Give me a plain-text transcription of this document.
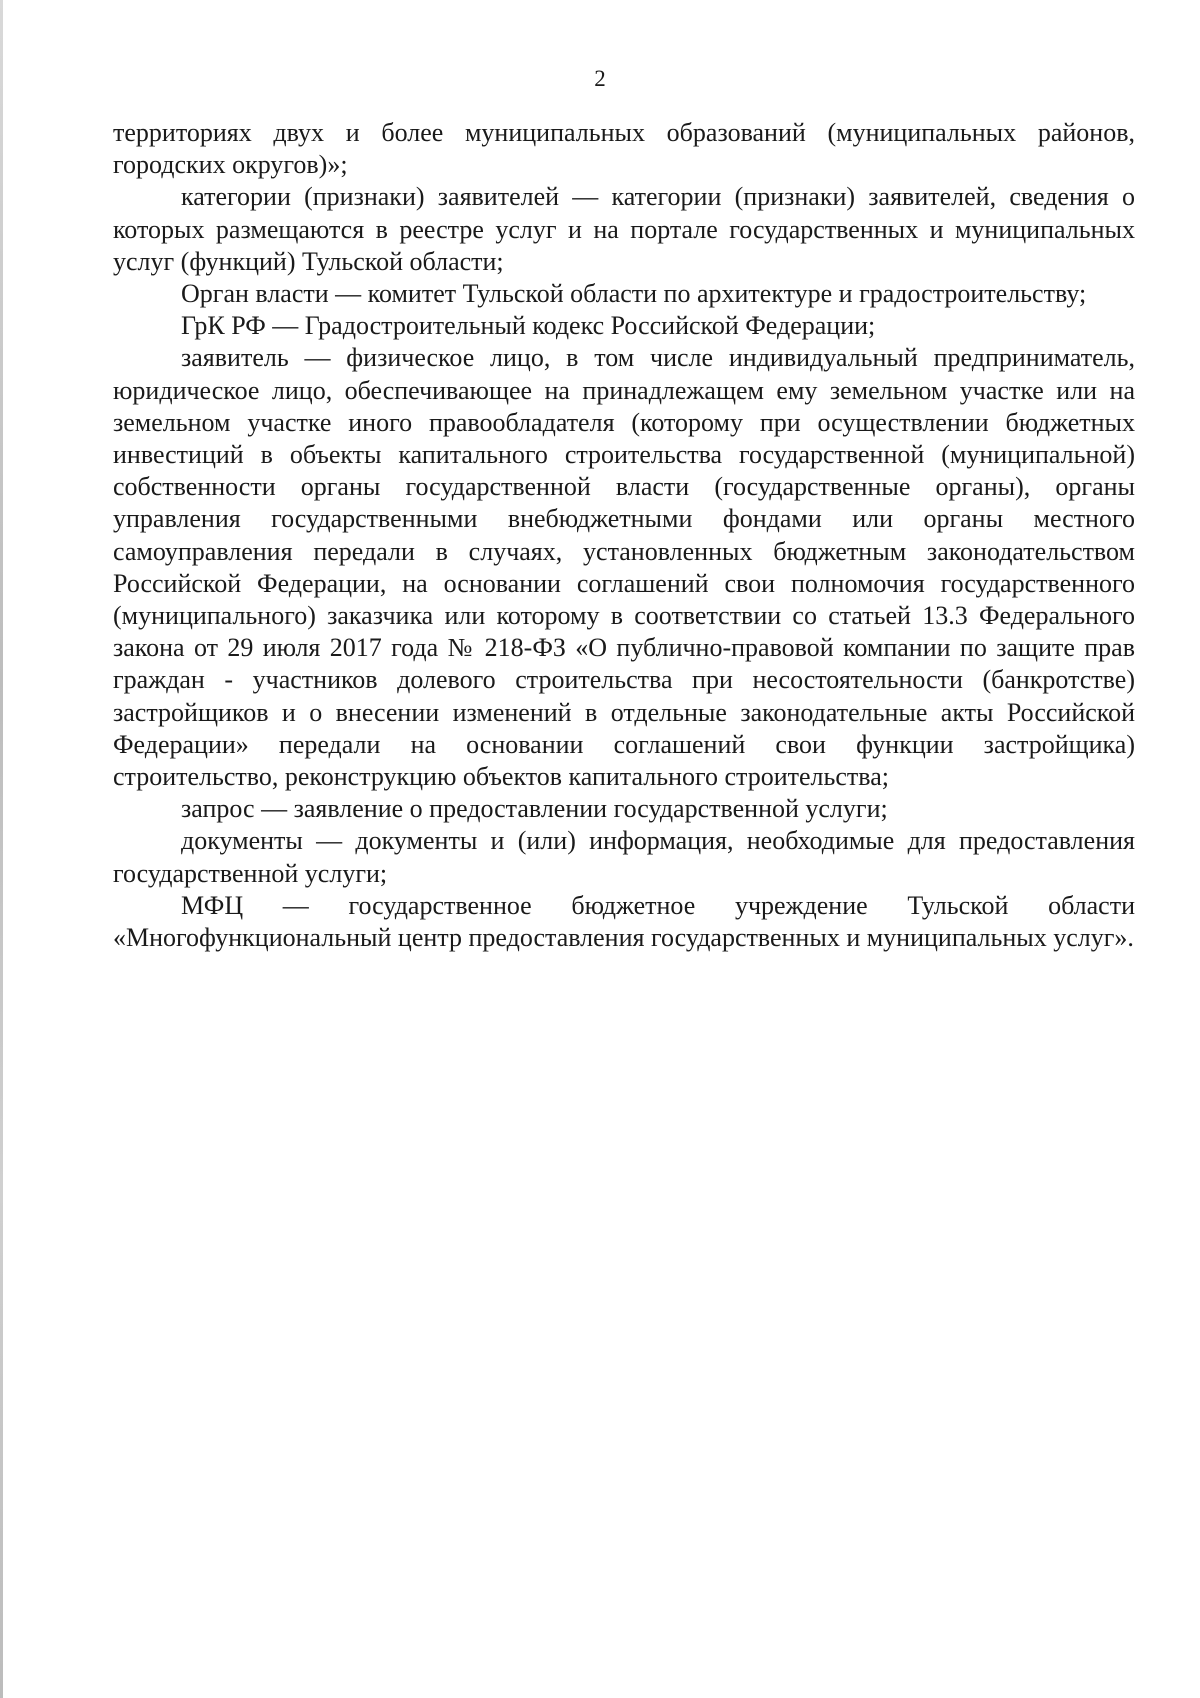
2

территориях двух и более муниципальных образований (муниципальных районов, городских округов)»;

категории (признаки) заявителей — категории (признаки) заявителей, сведения о которых размещаются в реестре услуг и на портале государственных и муниципальных услуг (функций) Тульской области;

Орган власти — комитет Тульской области по архитектуре и градостроительству;

ГрК РФ — Градостроительный кодекс Российской Федерации;

заявитель — физическое лицо, в том числе индивидуальный предприниматель, юридическое лицо, обеспечивающее на принадлежащем ему земельном участке или на земельном участке иного правообладателя (которому при осуществлении бюджетных инвестиций в объекты капитального строительства государственной (муниципальной) собственности органы государственной власти (государственные органы), органы управления государственными внебюджетными фондами или органы местного самоуправления передали в случаях, установленных бюджетным законодательством Российской Федерации, на основании соглашений свои полномочия государственного (муниципального) заказчика или которому в соответствии со статьей 13.3 Федерального закона от 29 июля 2017 года № 218-ФЗ «О публично-правовой компании по защите прав граждан - участников долевого строительства при несостоятельности (банкротстве) застройщиков и о внесении изменений в отдельные законодательные акты Российской Федерации» передали на основании соглашений свои функции застройщика) строительство, реконструкцию объектов капитального строительства;

запрос — заявление о предоставлении государственной услуги;

документы — документы и (или) информация, необходимые для предоставления государственной услуги;

МФЦ — государственное бюджетное учреждение Тульской области «Многофункциональный центр предоставления государственных и муниципальных услуг».
